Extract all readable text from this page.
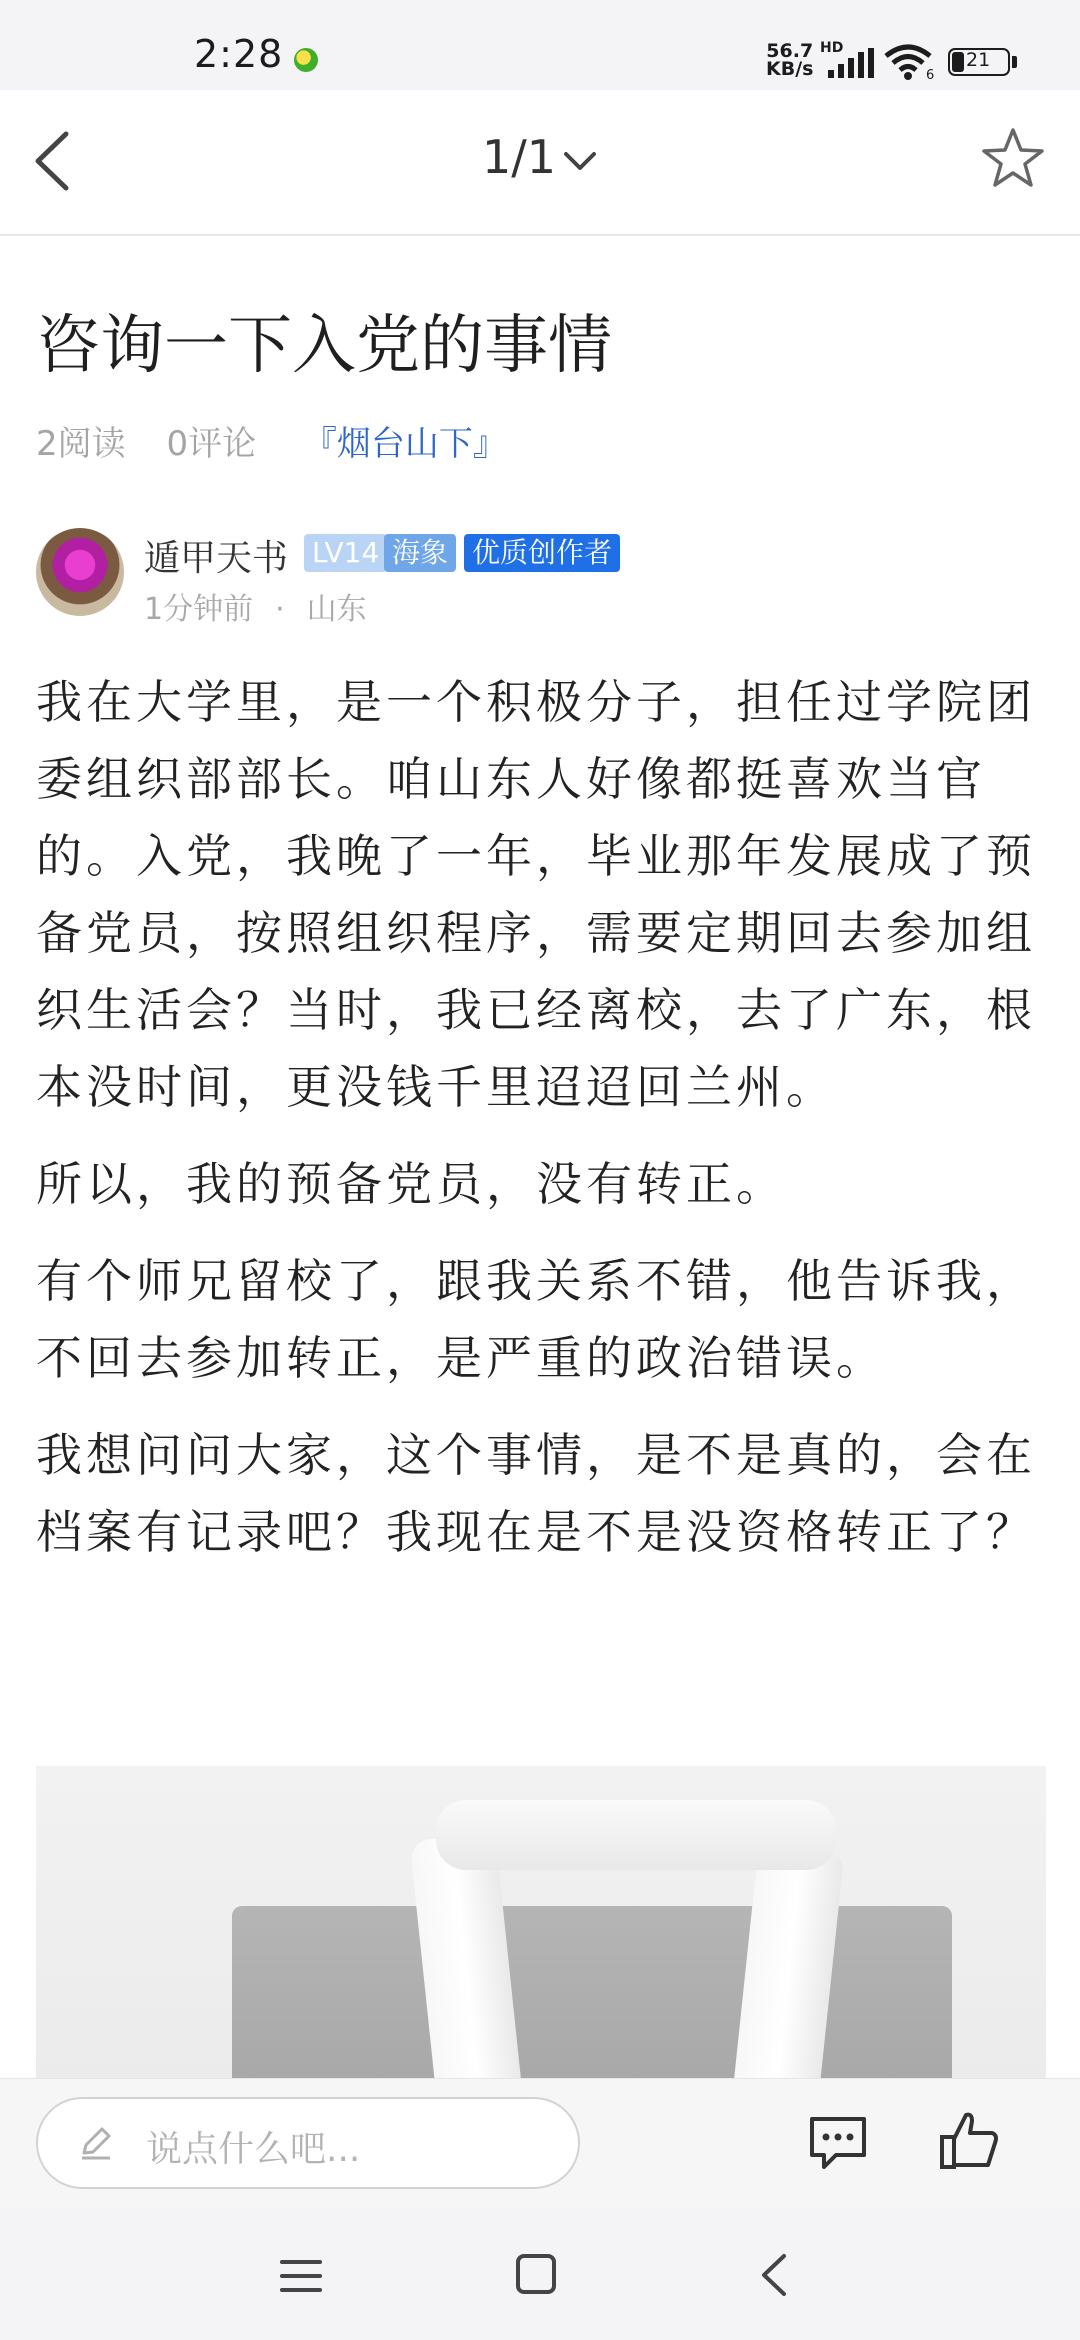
2:28	56.7
KB/s
HD
6
21
1/1
咨询一下入党的事情
2阅读 0评论 『烟台山下』
遁甲天书 LV14 海象 优质创作者
1分钟前 · 山东

我在大学里，是一个积极分子，担任过学院团委组织部部长。咱山东人好像都挺喜欢当官的。入党，我晚了一年，毕业那年发展成了预备党员，按照组织程序，需要定期回去参加组织生活会？当时，我已经离校，去了广东，根本没时间，更没钱千里迢迢回兰州。

所以，我的预备党员，没有转正。

有个师兄留校了，跟我关系不错，他告诉我，不回去参加转正，是严重的政治错误。

我想问问大家，这个事情，是不是真的，会在档案有记录吧？我现在是不是没资格转正了？

说点什么吧...
